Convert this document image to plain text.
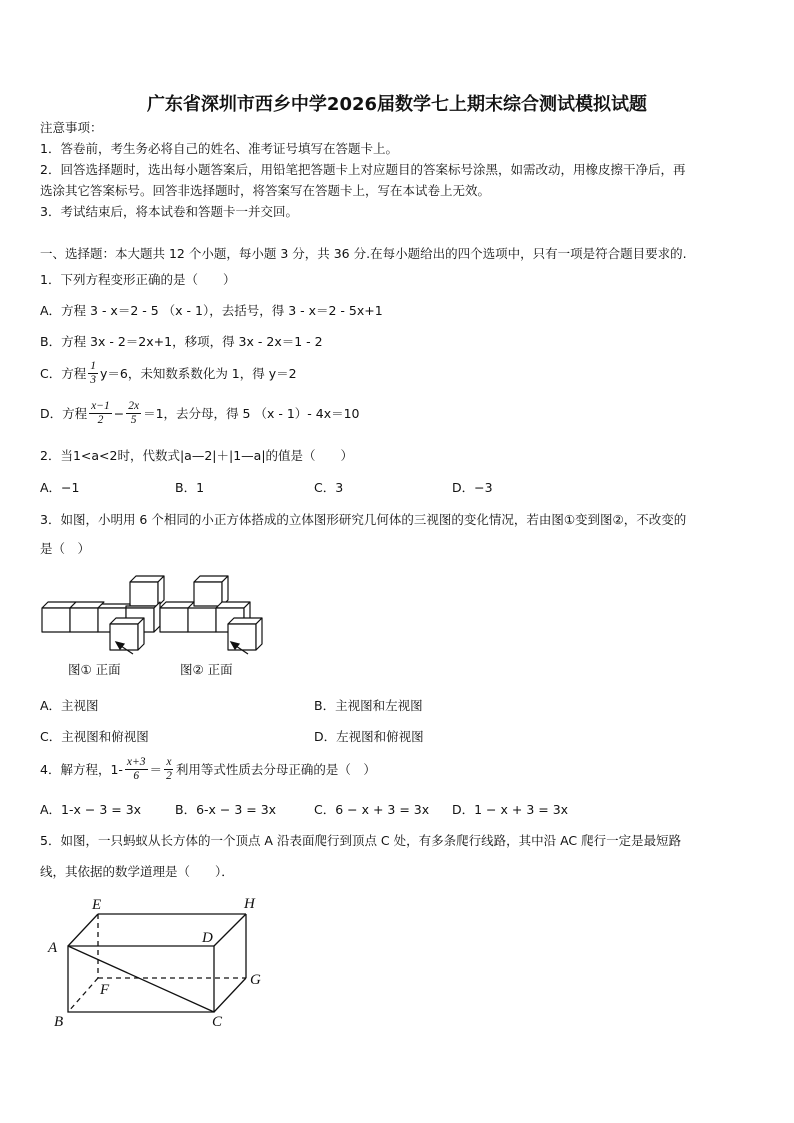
广东省深圳市西乡中学2026届数学七上期末综合测试模拟试题
注意事项：
1．答卷前，考生务必将自己的姓名、准考证号填写在答题卡上。
2．回答选择题时，选出每小题答案后，用铅笔把答题卡上对应题目的答案标号涂黑，如需改动，用橡皮擦干净后，再
选涂其它答案标号。回答非选择题时，将答案写在答题卡上，写在本试卷上无效。
3．考试结束后，将本试卷和答题卡一并交回。
一、选择题：本大题共 12 个小题，每小题 3 分，共 36 分.在每小题给出的四个选项中，只有一项是符合题目要求的.
1．下列方程变形正确的是（　　）
A．方程 3 - x＝2 - 5 （x - 1），去括号，得 3 - x＝2 - 5x+1
B．方程 3x - 2＝2x+1，移项，得 3x - 2x＝1 - 2
C．方程 $\frac{1}{3} y=6$，未知数系数化为 1，得 y＝2
D．方程 $\frac{x-1}{2} - \frac{2x}{5} =1$，去分母，得 5 （x - 1）- 4x＝10
2．当1<a<2时，代数式|a—2|＋|1—a|的值是（　　）
A．−1	B．1	C．3	D．−3
3．如图，小明用 6 个相同的小正方体搭成的立体图形研究几何体的三视图的变化情况，若由图①变到图②，不改变的
是（　）
图① 正面	图② 正面
A．主视图	B．主视图和左视图
C．主视图和俯视图	D．左视图和俯视图
4．解方程，$1- \frac{x+3}{6} = \frac{x}{2}$ 利用等式性质去分母正确的是（　）
A．1-x − 3 = 3x	B．6-x − 3 = 3x	C．6 − x + 3 = 3x D．1 − x + 3 = 3x
5．如图，一只蚂蚁从长方体的一个顶点 A 沿表面爬行到顶点 C 处，有多条爬行线路，其中沿 AC 爬行一定是最短路
线，其依据的数学道理是（　　）．
E	H
D
A
G
F
B	C
